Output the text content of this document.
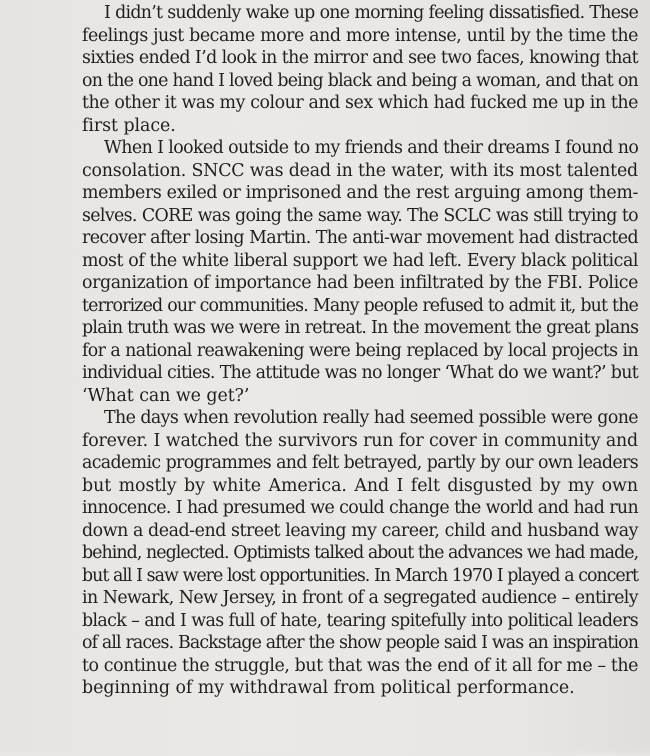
I didn’t suddenly wake up one morning feeling dissatisfied. These
feelings just became more and more intense, until by the time the
sixties ended I’d look in the mirror and see two faces, knowing that
on the one hand I loved being black and being a woman, and that on
the other it was my colour and sex which had fucked me up in the
first place.
When I looked outside to my friends and their dreams I found no
consolation. SNCC was dead in the water, with its most talented
members exiled or imprisoned and the rest arguing among them-
selves. CORE was going the same way. The SCLC was still trying to
recover after losing Martin. The anti-war movement had distracted
most of the white liberal support we had left. Every black political
organization of importance had been infiltrated by the FBI. Police
terrorized our communities. Many people refused to admit it, but the
plain truth was we were in retreat. In the movement the great plans
for a national reawakening were being replaced by local projects in
individual cities. The attitude was no longer ‘What do we want?’ but
‘What can we get?’
The days when revolution really had seemed possible were gone
forever. I watched the survivors run for cover in community and
academic programmes and felt betrayed, partly by our own leaders
but mostly by white America. And I felt disgusted by my own
innocence. I had presumed we could change the world and had run
down a dead-end street leaving my career, child and husband way
behind, neglected. Optimists talked about the advances we had made,
but all I saw were lost opportunities. In March 1970 I played a concert
in Newark, New Jersey, in front of a segregated audience – entirely
black – and I was full of hate, tearing spitefully into political leaders
of all races. Backstage after the show people said I was an inspiration
to continue the struggle, but that was the end of it all for me – the
beginning of my withdrawal from political performance.
